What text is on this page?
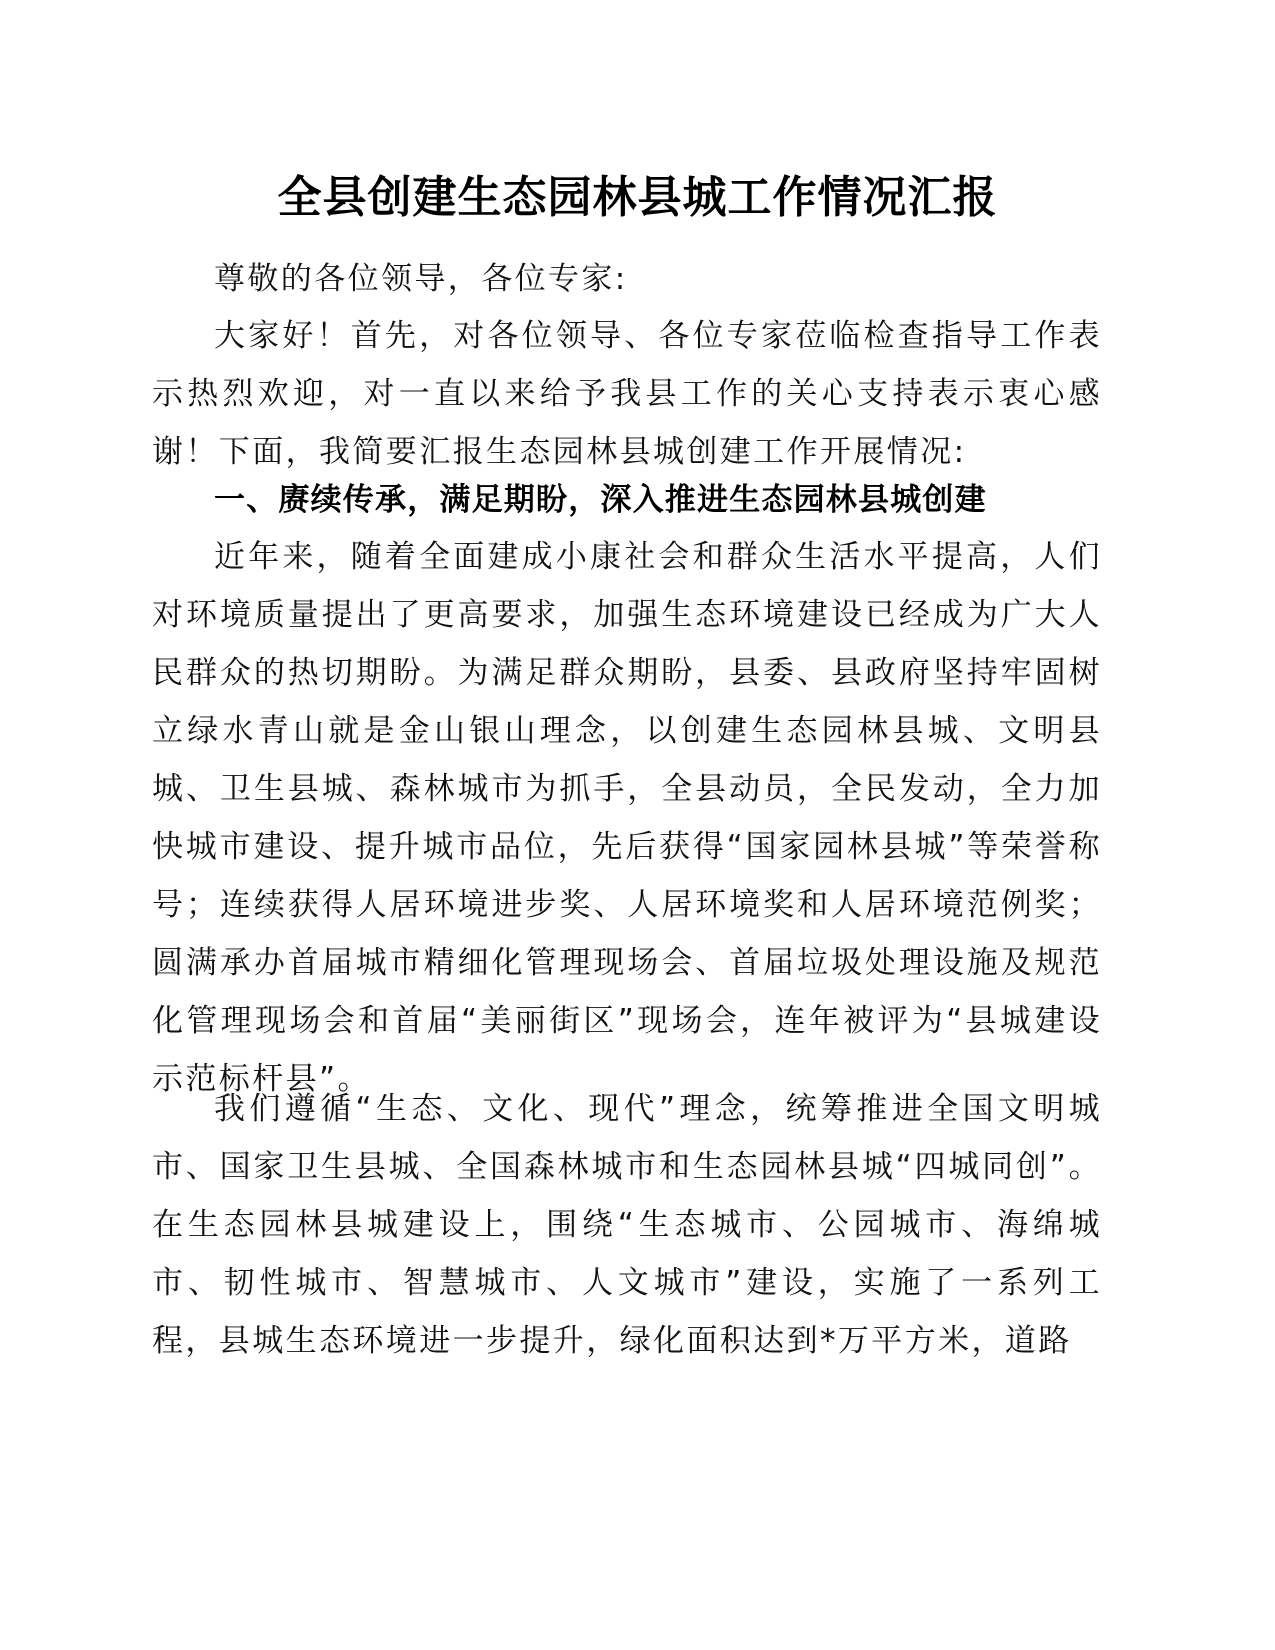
全县创建生态园林县城工作情况汇报

尊敬的各位领导，各位专家:

大家好！首先，对各位领导、各位专家莅临检查指导工作表示热烈欢迎，对一直以来给予我县工作的关心支持表示衷心感谢！下面，我简要汇报生态园林县城创建工作开展情况:

一、赓续传承，满足期盼，深入推进生态园林县城创建

近年来，随着全面建成小康社会和群众生活水平提高，人们对环境质量提出了更高要求，加强生态环境建设已经成为广大人民群众的热切期盼。为满足群众期盼，县委、县政府坚持牢固树立绿水青山就是金山银山理念，以创建生态园林县城、文明县城、卫生县城、森林城市为抓手，全县动员，全民发动，全力加快城市建设、提升城市品位，先后获得“国家园林县城”等荣誉称号；连续获得人居环境进步奖、人居环境奖和人居环境范例奖；圆满承办首届城市精细化管理现场会、首届垃圾处理设施及规范化管理现场会和首届“美丽街区”现场会，连年被评为“县城建设示范标杆县”。

我们遵循“生态、文化、现代”理念，统筹推进全国文明城市、国家卫生县城、全国森林城市和生态园林县城“四城同创”。在生态园林县城建设上，围绕“生态城市、公园城市、海绵城市、韧性城市、智慧城市、人文城市”建设，实施了一系列工程，县城生态环境进一步提升，绿化面积达到*万平方米，道路
